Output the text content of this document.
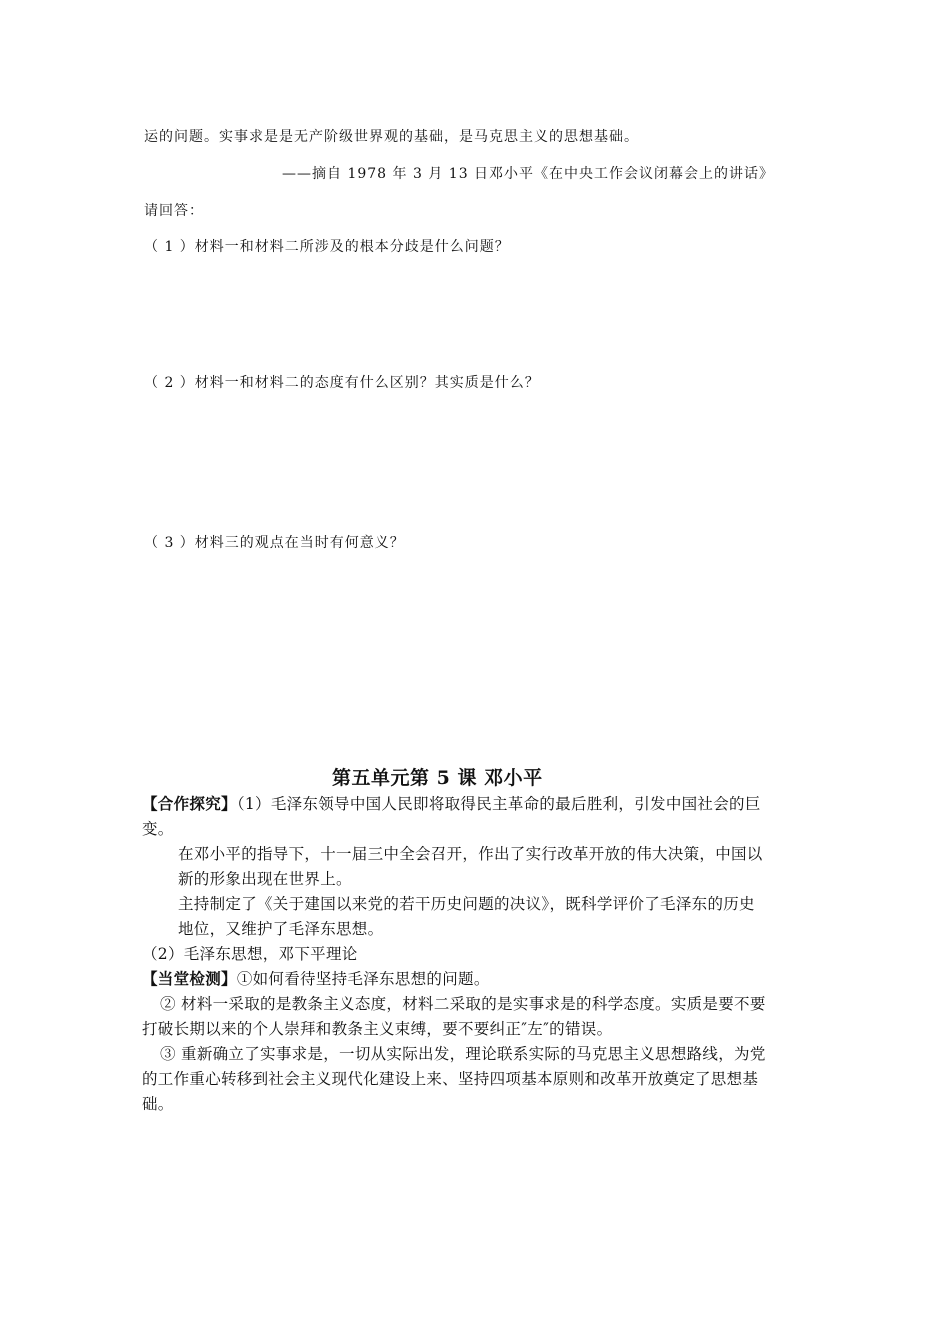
运的问题。实事求是是无产阶级世界观的基础，是马克思主义的思想基础。
——摘自 1978 年 3 月 13 日邓小平《在中央工作会议闭幕会上的讲话》
请回答：
（ 1 ）材料一和材料二所涉及的根本分歧是什么问题？
（ 2 ）材料一和材料二的态度有什么区别？其实质是什么？
（ 3 ）材料三的观点在当时有何意义？
第五单元第 5 课 邓小平
【合作探究】（1）毛泽东领导中国人民即将取得民主革命的最后胜利，引发中国社会的巨
变。
在邓小平的指导下，十一届三中全会召开，作出了实行改革开放的伟大决策，中国以
新的形象出现在世界上。
主持制定了《关于建国以来党的若干历史问题的决议》，既科学评价了毛泽东的历史
地位，又维护了毛泽东思想。
（2）毛泽东思想，邓下平理论
【当堂检测】①如何看待坚持毛泽东思想的问题。
② 材料一采取的是教条主义态度，材料二采取的是实事求是的科学态度。实质是要不要
打破长期以来的个人崇拜和教条主义束缚，要不要纠正″左″的错误。
③ 重新确立了实事求是，一切从实际出发，理论联系实际的马克思主义思想路线，为党
的工作重心转移到社会主义现代化建设上来、坚持四项基本原则和改革开放奠定了思想基
础。
